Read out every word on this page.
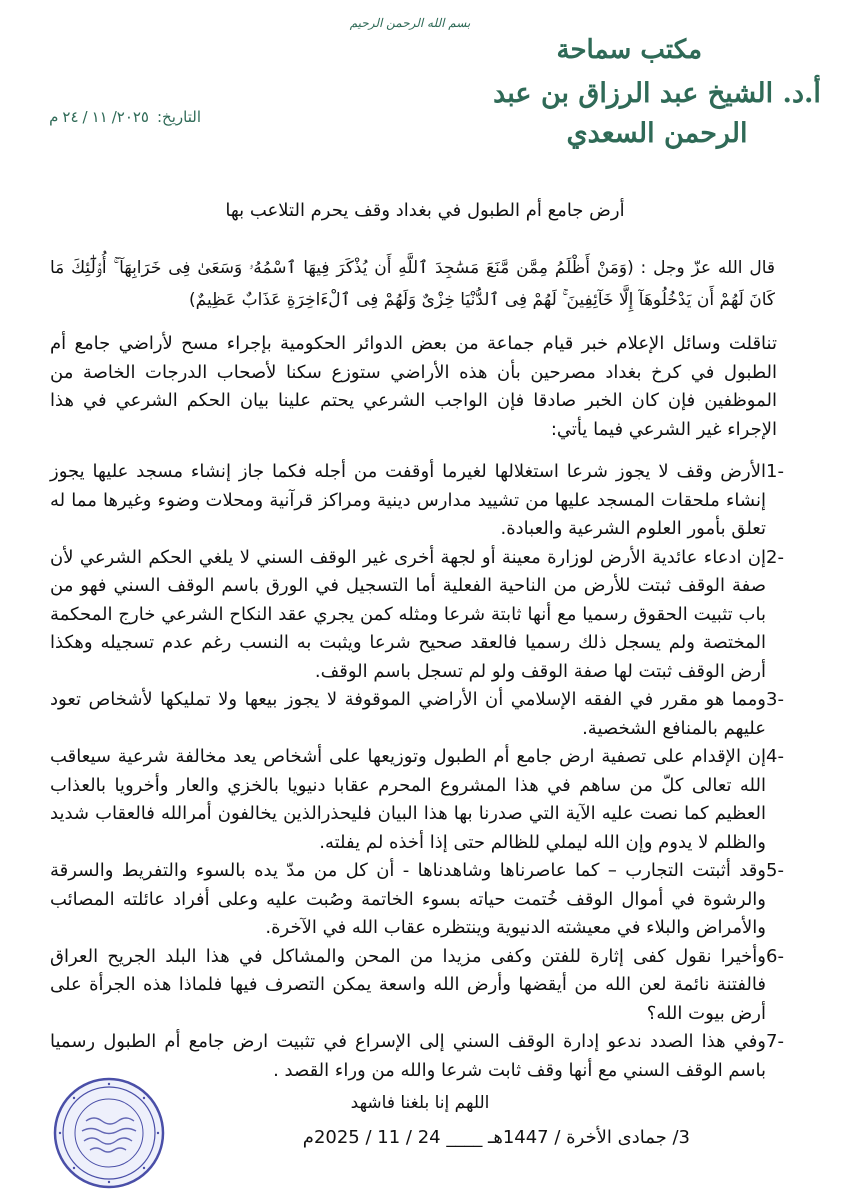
بسم الله الرحمن الرحيم
مكتب سماحة
أ.د. الشيخ عبد الرزاق بن عبد الرحمن السعدي
التاريخ:٢٤ / ١١ /٢٠٢٥م
أرض جامع أم الطبول في بغداد وقف يحرم التلاعب بها
قال الله عزّ وجل : (وَمَنْ أَظْلَمُ مِمَّن مَّنَعَ مَسَٰجِدَ ٱللَّهِ أَن يُذْكَرَ فِيهَا ٱسْمُهُۥ وَسَعَىٰ فِى خَرَابِهَآ ۚ أُو۟لَٰٓئِكَ مَا كَانَ لَهُمْ أَن يَدْخُلُوهَآ إِلَّا خَآئِفِينَ ۚ لَهُمْ فِى ٱلدُّنْيَا خِزْىٌ وَلَهُمْ فِى ٱلْءَاخِرَةِ عَذَابٌ عَظِيمٌ)
تناقلت وسائل الإعلام خبر قيام جماعة من بعض الدوائر الحكومية بإجراء مسح لأراضي جامع أم الطبول في كرخ بغداد مصرحين بأن هذه الأراضي ستوزع سكنا لأصحاب الدرجات الخاصة من الموظفين فإن كان الخبر صادقا فإن الواجب الشرعي يحتم علينا بيان الحكم الشرعي في هذا الإجراء غير الشرعي فيما يأتي:
-1
الأرض وقف لا يجوز شرعا استغلالها لغيرما أوقفت من أجله فكما جاز إنشاء مسجد عليها يجوز إنشاء ملحقات المسجد عليها من تشييد مدارس دينية ومراكز قرآنية ومحلات وضوء وغيرها مما له تعلق بأمور العلوم الشرعية والعبادة.
-2
إن ادعاء عائدية الأرض لوزارة معينة أو لجهة أخرى غير الوقف السني لا يلغي الحكم الشرعي لأن صفة الوقف ثبتت للأرض من الناحية الفعلية أما التسجيل في الورق باسم الوقف السني فهو من باب تثبيت الحقوق رسميا مع أنها ثابتة شرعا ومثله كمن يجري عقد النكاح الشرعي خارج المحكمة المختصة ولم يسجل ذلك رسميا فالعقد صحيح شرعا ويثبت به النسب رغم عدم تسجيله وهكذا أرض الوقف ثبتت لها صفة الوقف ولو لم تسجل باسم الوقف.
-3
ومما هو مقرر في الفقه الإسلامي أن الأراضي الموقوفة لا يجوز بيعها ولا تمليكها لأشخاص تعود عليهم بالمنافع الشخصية.
-4
إن الإقدام على تصفية ارض جامع أم الطبول وتوزيعها على أشخاص يعد مخالفة شرعية سيعاقب الله تعالى كلّ من ساهم في هذا المشروع المحرم عقابا دنيويا بالخزي والعار وأخرويا بالعذاب العظيم كما نصت عليه الآية التي صدرنا بها هذا البيان فليحذرالذين يخالفون أمرالله فالعقاب شديد والظلم لا يدوم وإن الله ليملي للظالم حتى إذا أخذه لم يفلته.
-5
وقد أثبتت التجارب – كما عاصرناها وشاهدناها - أن كل من مدّ يده بالسوء والتفريط والسرقة والرشوة في أموال الوقف خُتمت حياته بسوء الخاتمة وصُبت عليه وعلى أفراد عائلته المصائب والأمراض والبلاء في معيشته الدنيوية وينتظره عقاب الله في الآخرة.
-6
وأخيرا نقول كفى إثارة للفتن وكفى مزيدا من المحن والمشاكل في هذا البلد الجريح العراق فالفتنة نائمة لعن الله من أيقضها وأرض الله واسعة يمكن التصرف فيها فلماذا هذه الجرأة على أرض بيوت الله؟
-7
وفي هذا الصدد ندعو إدارة الوقف السني إلى الإسراع في تثبيت ارض جامع أم الطبول رسميا باسم الوقف السني مع أنها وقف ثابت شرعا والله من وراء القصد .
اللهم إنا بلغنا فاشهد
3/ جمادى الأخرة / 1447هـ ____ 24 / 11 / 2025م
